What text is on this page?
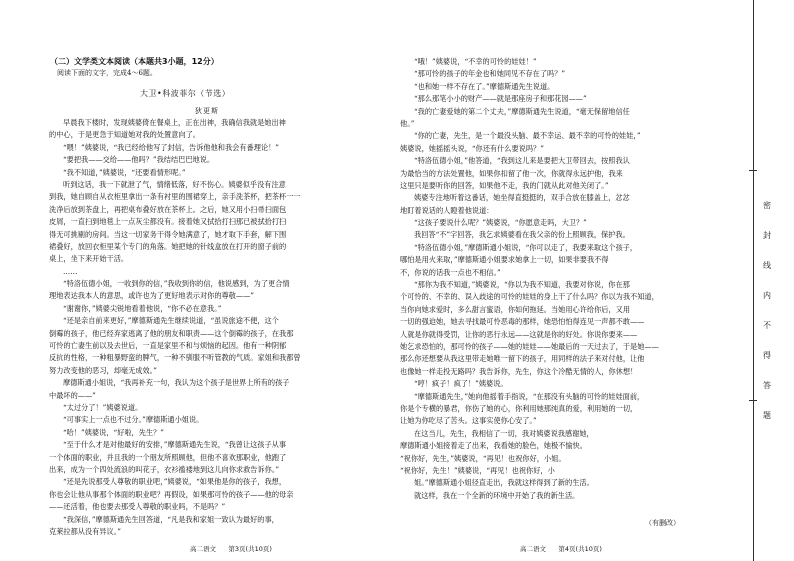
（二）文学类文本阅读（本题共3小题，12分）
阅读下面的文字，完成4～6题。
大卫•科波菲尔（节选）
狄更斯
早晨我下楼时，发现姨婆倚在餐桌上，正在出神，我确信我就是她出神
的中心，于是更急于知道她对我的处置意向了。
“喂！”姨婆说，“我已经给他写了封信，告诉他他和我会有番理论！”
“要把我——交给——他吗？”我结结巴巴地说。
“我不知道，”姨婆说，“还要看情形呢。”
听到这话，我一下就泄了气，情绪低落，好不伤心。姨婆似乎没有注意
到我，她自顾自从衣柜里拿出一条有衬里的围裙穿上，亲手洗茶杯，把茶杯一一
洗净后放到茶盘上，再把桌布叠好放在茶杯上。之后，她又用小扫帚扫面包
皮屑，一直扫到地毯上一点灰尘都没有。接着她又拭拾打扫那已被拭拾打扫
得无可挑剔的房间。当这一切家务干得令她满意了，她才取下手套，解下围
裙叠好，放回衣柜里某个专门的角落。她把她的针线盒放在打开的窗子前的
桌上，坐下来开始干活。
……
“特洛伍德小姐，一收到你的信，”我收到你的信，他说感到，为了更合情
理地表达我本人的意思，或许也为了更好地表示对你的尊敬——”
“谢谢你，”姨婆尖锐地看着他说，“你不必在意我。”
“还是亲自前来更好，”摩德斯通先生继续说道，“虽说旅途不便，这个
倒霉的孩子，他已经弃家逃离了他的朋友和职责——这个倒霉的孩子，在我那
可怜的亡妻生前以及去世后，一直是家里不和与烦恼的起因。他有一种阴郁
反抗的性格，一种粗暴野蛮的脾气，一种不驯服不听管教的气质。家姐和我都曾
努力改变他的恶习，却毫无成效。”
摩德斯通小姐说，“我再补充一句，我认为这个孩子是世界上所有的孩子
中最坏的——”
“太过分了！”姨婆说道。
“可事实上一点也不过分。”摩德斯通小姐说。
“哈！”姨婆说，“好啦，先生？”
“至于什么才是对他最好的安排，”摩德斯通先生说，“我曾让这孩子从事
一个体面的职业，并且我的一个朋友所照顾他，但他不喜欢那职业，他跑了
出来，成为一个四处流浪的叫花子，衣衫褴褛地到这儿向你求救告诉你。”
“还是先说那受人尊敬的职业吧，”姨婆说，“如果他是你的孩子，我想，
你也会让他从事那个体面的职业吧？再假设，如果那可怜的孩子——他的母亲
——还活着，他也要去那受人尊敬的职业吗，不是吗？”
“我深信，”摩德斯通先生回答道，“凡是我和家姐一致认为最好的事，
克莱拉都从没有异议。”
“哦！”姨婆说，“不幸的可怜的娃娃！”
“那可怜的孩子的年金也和她同见不存在了吗？”
“也和她一样不存在了。”摩德斯通先生说道。
“那么那笔小小的财产——就是那座房子和那花园——”
“我的亡妻爱她的第二个丈夫，”摩德斯通先生说道，“毫无保留地信任
他。”
“你的亡妻，先生，是一个最没头脑、最不幸运、最不幸的可怜的娃娃，”
姨婆说，她摇摇头说，“你还有什么要说吗？”
“特洛伍德小姐，”他答道，“我到这儿来是要把大卫带回去，按照我认
为最恰当的方法处置他，如果你扣留了他一次，你就得永远护他，我来
这里只是要听你的回答，如果他不走，我的门就从此对他关闭了。”
姨婆专注地听着这番话，她坐得直挺挺的，双手合放在膝盖上，忿忿
地盯着说话的人瞪着他说道：
“这孩子要说什么呢？”姨婆说，“你愿意走吗，大卫？”
我回答“不”字回答，我乞求姨婆看在我父亲的份上照顾我，保护我。
“特洛伍德小姐，”摩德斯通小姐说，“你可以走了，我要来取这个孩子，
哪怕是用火来取，”摩德斯通小姐要求她拿上一切，如果非要我不得
不，你说的话我一点也不相信。”
“那你为我不知道，”姨婆说，“你以为我不知道，我要对你说，你在那
个可怜的、不幸的、误入歧途的可怜的娃娃的身上干了什么吗？你以为我不知道，
当你向她求爱时，多么甜言蜜语，你如何拖延。当她用心许给你后，又用
一切的强迫她，她去寻找最可怜恶毒的那样，她恐怕怕得连见一声都不敢——
人就是你就得受罚，让你的恶行永远——这就是你的好处。你说你要来——
她乞求恐怕的，那可怜的孩子——她的娃娃——她最后的一天过去了，于是她——
那么你还想要从我这里带走她唯一留下的孩子，用同样的法子来对付他，让他
也像她一样走投无路吗？我告诉你，先生，你这个冷酷无情的人，你休想！
“哼！疯子！疯了！”姨婆说。
“摩德斯通先生，”她向他摇着手指说，“在那没有头脑的可怜的娃娃面前，
你是个专横的暴君，你伤了她的心，你利用她那纯真的爱，利用她的一切，
让她为你吃尽了苦头。这事实使你心安了。”
在这当儿，先生，我相信了一切，我对姨婆说我感谢她，
摩德斯通小姐接着走了出来，我看她的脸色，她极不愉快。
“祝你好，先生，”姨婆说，“再见！也祝你好，小姐。
“祝你好，先生！”姨婆说，“再见！也祝你好，小
姐。”摩德斯通小姐径直走出，我就这样得到了新的生活。
就这样，我在一个全新的环境中开始了我的新生活。
（有删改）
高二语文 第3页(共10页)	高二语文 第4页(共10页)
密
封
线
内
不
得
答
题
